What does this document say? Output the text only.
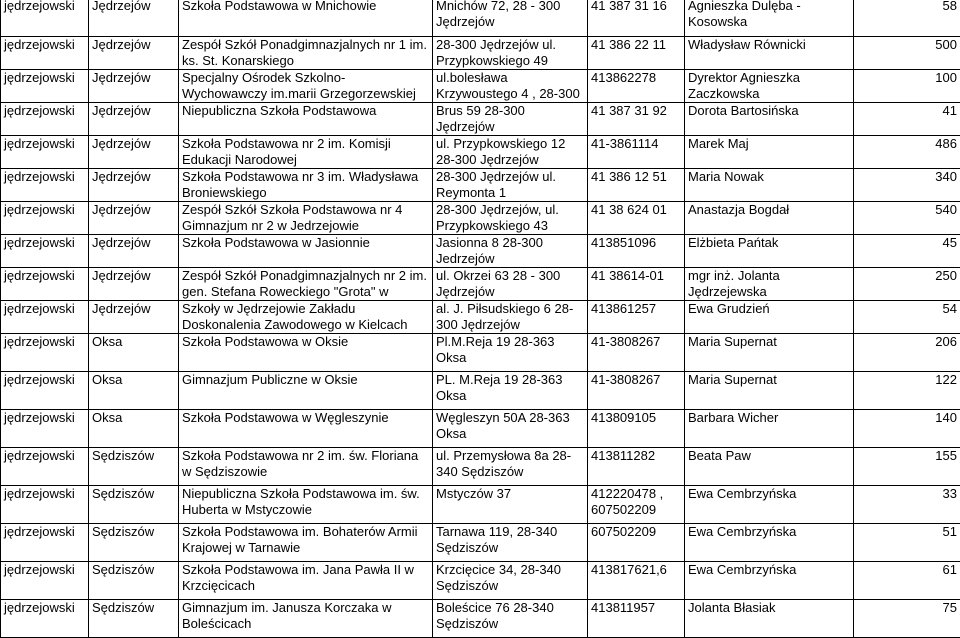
jędrzejowski	Jędrzejów	Szkoła Podstawowa w Mnichowie	Mnichów 72, 28 - 300 Jędrzejów	41 387 31 16	Agnieszka Dulęba - Kosowska	58
jędrzejowski	Jędrzejów	Zespół Szkół Ponadgimnazjalnych nr 1 im. ks. St. Konarskiego	28-300 Jędrzejów ul. Przypkowskiego 49	41 386 22 11	Władysław Równicki	500
jędrzejowski	Jędrzejów	Specjalny Ośrodek Szkolno-Wychowawczy im.marii Grzegorzewskiej	ul.bolesława Krzywoustego 4 , 28-300	413862278	Dyrektor Agnieszka Zaczkowska	100
jędrzejowski	Jędrzejów	Niepubliczna Szkoła Podstawowa	Brus 59 28-300 Jędrzejów	41 387 31 92	Dorota Bartosińska	41
jędrzejowski	Jędrzejów	Szkoła Podstawowa nr 2 im. Komisji Edukacji Narodowej	ul. Przypkowskiego 12 28-300 Jędrzejów	41-3861114	Marek Maj	486
jędrzejowski	Jędrzejów	Szkoła Podstawowa nr 3 im. Władysława Broniewskiego	28-300 Jędrzejów ul. Reymonta 1	41 386 12 51	Maria Nowak	340
jędrzejowski	Jędrzejów	Zespół Szkół Szkoła Podstawowa nr 4 Gimnazjum nr 2 w Jedrzejowie	28-300 Jędrzejów, ul. Przypkowskiego 43	41 38 624 01	Anastazja Bogdał	540
jędrzejowski	Jędrzejów	Szkoła Podstawowa w Jasionnie	Jasionna 8 28-300 Jedrzejów	413851096	Elżbieta Pańtak	45
jędrzejowski	Jędrzejów	Zespół Szkół Ponadgimnazjalnych nr 2 im. gen. Stefana Roweckiego "Grota" w	ul. Okrzei 63 28 - 300 Jędrzejów	41 38614-01	mgr inż. Jolanta Jędrzejewska	250
jędrzejowski	Jędrzejów	Szkoły w Jędrzejowie Zakładu Doskonalenia Zawodowego w Kielcach	al. J. Piłsudskiego 6 28-300 Jędrzejów	413861257	Ewa Grudzień	54
jędrzejowski	Oksa	Szkoła Podstawowa w Oksie	Pl.M.Reja 19 28-363 Oksa	41-3808267	Maria Supernat	206
jędrzejowski	Oksa	Gimnazjum Publiczne w Oksie	PL. M.Reja 19 28-363 Oksa	41-3808267	Maria Supernat	122
jędrzejowski	Oksa	Szkoła Podstawowa w Węgleszynie	Węgleszyn 50A 28-363 Oksa	413809105	Barbara Wicher	140
jędrzejowski	Sędziszów	Szkoła Podstawowa nr 2 im. św. Floriana w Sędziszowie	ul. Przemysłowa 8a 28-340 Sędziszów	413811282	Beata Paw	155
jędrzejowski	Sędziszów	Niepubliczna Szkoła Podstawowa im. św. Huberta w Mstyczowie	Mstyczów 37	412220478 , 607502209	Ewa Cembrzyńska	33
jędrzejowski	Sędziszów	Szkoła Podstawowa im. Bohaterów Armii Krajowej w Tarnawie	Tarnawa 119, 28-340 Sędziszów	607502209	Ewa Cembrzyńska	51
jędrzejowski	Sędziszów	Szkoła Podstawowa im. Jana Pawła II w Krzcięcicach	Krzcięcice 34, 28-340 Sędziszów	413817621,6	Ewa Cembrzyńska	61
jędrzejowski	Sędziszów	Gimnazjum im. Janusza Korczaka w Boleścicach	Boleścice 76 28-340 Sędziszów	413811957	Jolanta Błasiak	75
